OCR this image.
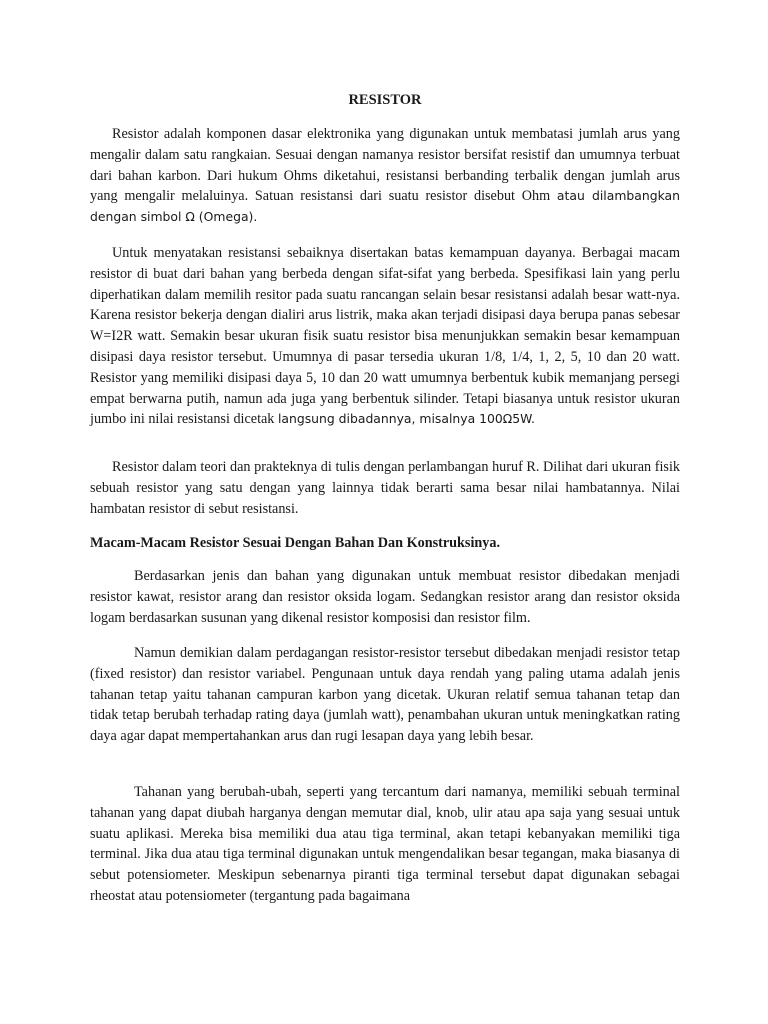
RESISTOR

Resistor adalah komponen dasar elektronika yang digunakan untuk membatasi jumlah arus yang mengalir dalam satu rangkaian. Sesuai dengan namanya resistor bersifat resistif dan umumnya terbuat dari bahan karbon. Dari hukum Ohms diketahui, resistansi berbanding terbalik dengan jumlah arus yang mengalir melaluinya. Satuan resistansi dari suatu resistor disebut Ohm atau dilambangkan dengan simbol Ω (Omega).

Untuk menyatakan resistansi sebaiknya disertakan batas kemampuan dayanya. Berbagai macam resistor di buat dari bahan yang berbeda dengan sifat-sifat yang berbeda. Spesifikasi lain yang perlu diperhatikan dalam memilih resitor pada suatu rancangan selain besar resistansi adalah besar watt-nya. Karena resistor bekerja dengan dialiri arus listrik, maka akan terjadi disipasi daya berupa panas sebesar W=I2R watt. Semakin besar ukuran fisik suatu resistor bisa menunjukkan semakin besar kemampuan disipasi daya resistor tersebut. Umumnya di pasar tersedia ukuran 1/8, 1/4, 1, 2, 5, 10 dan 20 watt. Resistor yang memiliki disipasi daya 5, 10 dan 20 watt umumnya berbentuk kubik memanjang persegi empat berwarna putih, namun ada juga yang berbentuk silinder. Tetapi biasanya untuk resistor ukuran jumbo ini nilai resistansi dicetak langsung dibadannya, misalnya 100Ω5W.

Resistor dalam teori dan prakteknya di tulis dengan perlambangan huruf R. Dilihat dari ukuran fisik sebuah resistor yang satu dengan yang lainnya tidak berarti sama besar nilai hambatannya. Nilai hambatan resistor di sebut resistansi.

Macam-Macam Resistor Sesuai Dengan Bahan Dan Konstruksinya.

Berdasarkan jenis dan bahan yang digunakan untuk membuat resistor dibedakan menjadi resistor kawat, resistor arang dan resistor oksida logam. Sedangkan resistor arang dan resistor oksida logam berdasarkan susunan yang dikenal resistor komposisi dan resistor film.

Namun demikian dalam perdagangan resistor-resistor tersebut dibedakan menjadi resistor tetap (fixed resistor) dan resistor variabel. Pengunaan untuk daya rendah yang paling utama adalah jenis tahanan tetap yaitu tahanan campuran karbon yang dicetak. Ukuran relatif semua tahanan tetap dan tidak tetap berubah terhadap rating daya (jumlah watt), penambahan ukuran untuk meningkatkan rating daya agar dapat mempertahankan arus dan rugi lesapan daya yang lebih besar.

Tahanan yang berubah-ubah, seperti yang tercantum dari namanya, memiliki sebuah terminal tahanan yang dapat diubah harganya dengan memutar dial, knob, ulir atau apa saja yang sesuai untuk suatu aplikasi. Mereka bisa memiliki dua atau tiga terminal, akan tetapi kebanyakan memiliki tiga terminal. Jika dua atau tiga terminal digunakan untuk mengendalikan besar tegangan, maka biasanya di sebut potensiometer. Meskipun sebenarnya piranti tiga terminal tersebut dapat digunakan sebagai rheostat atau potensiometer (tergantung pada bagaimana
